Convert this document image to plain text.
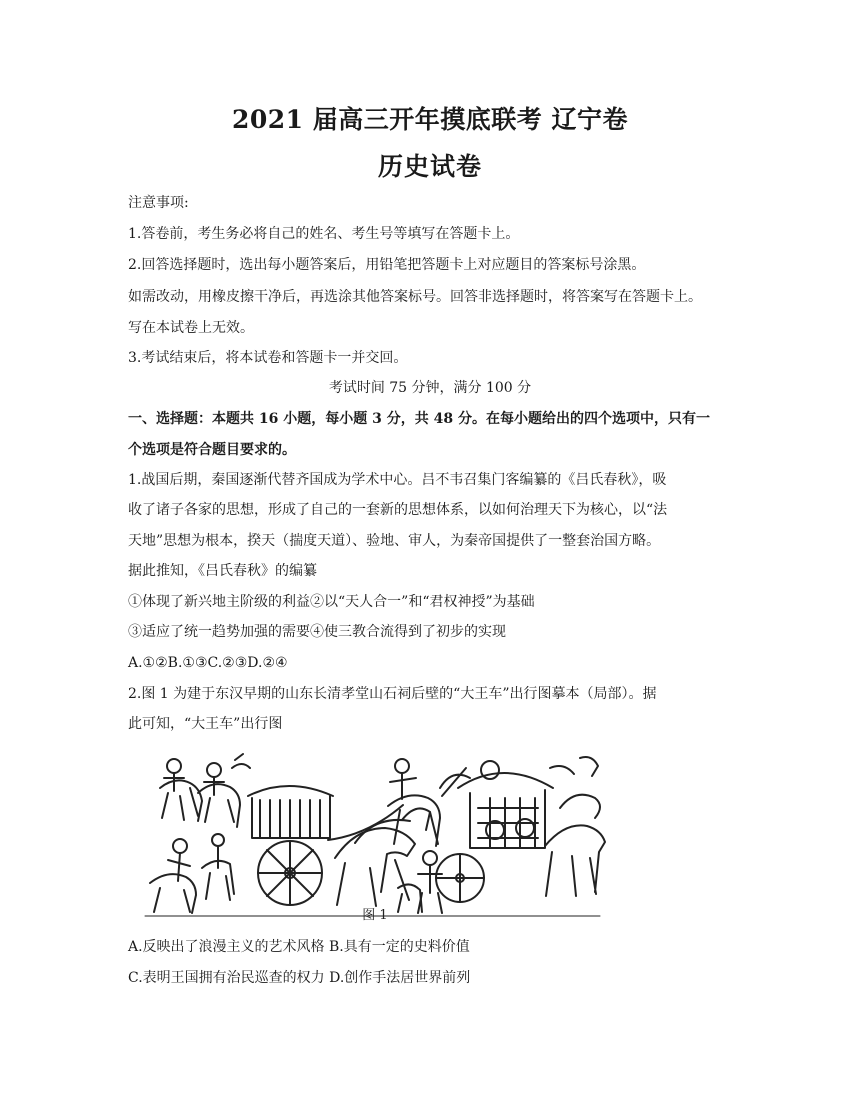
2021 届高三开年摸底联考 辽宁卷
历史试卷
注意事项:
1.答卷前，考生务必将自己的姓名、考生号等填写在答题卡上。
2.回答选择题时，选出每小题答案后，用铅笔把答题卡上对应题目的答案标号涂黑。
如需改动，用橡皮擦干净后，再选涂其他答案标号。回答非选择题时，将答案写在答题卡上。
写在本试卷上无效。
3.考试结束后，将本试卷和答题卡一并交回。
考试时间 75 分钟，满分 100 分
一、选择题：本题共 16 小题，每小题 3 分，共 48 分。在每小题给出的四个选项中，只有一
个选项是符合题目要求的。
1.战国后期，秦国逐渐代替齐国成为学术中心。吕不韦召集门客编纂的《吕氏春秋》，吸
收了诸子各家的思想，形成了自己的一套新的思想体系，以如何治理天下为核心，以“法
天地”思想为根本，揆天（揣度天道）、验地、审人，为秦帝国提供了一整套治国方略。
据此推知，《吕氏春秋》的编纂
①体现了新兴地主阶级的利益②以“天人合一”和“君权神授”为基础
③适应了统一趋势加强的需要④使三教合流得到了初步的实现
A.①②B.①③C.②③D.②④
2.图 1 为建于东汉早期的山东长清孝堂山石祠后壁的“大王车”出行图摹本（局部）。据
此可知，“大王车”出行图
图 1
A.反映出了浪漫主义的艺术风格 B.具有一定的史料价值
C.表明王国拥有治民巡查的权力 D.创作手法居世界前列
